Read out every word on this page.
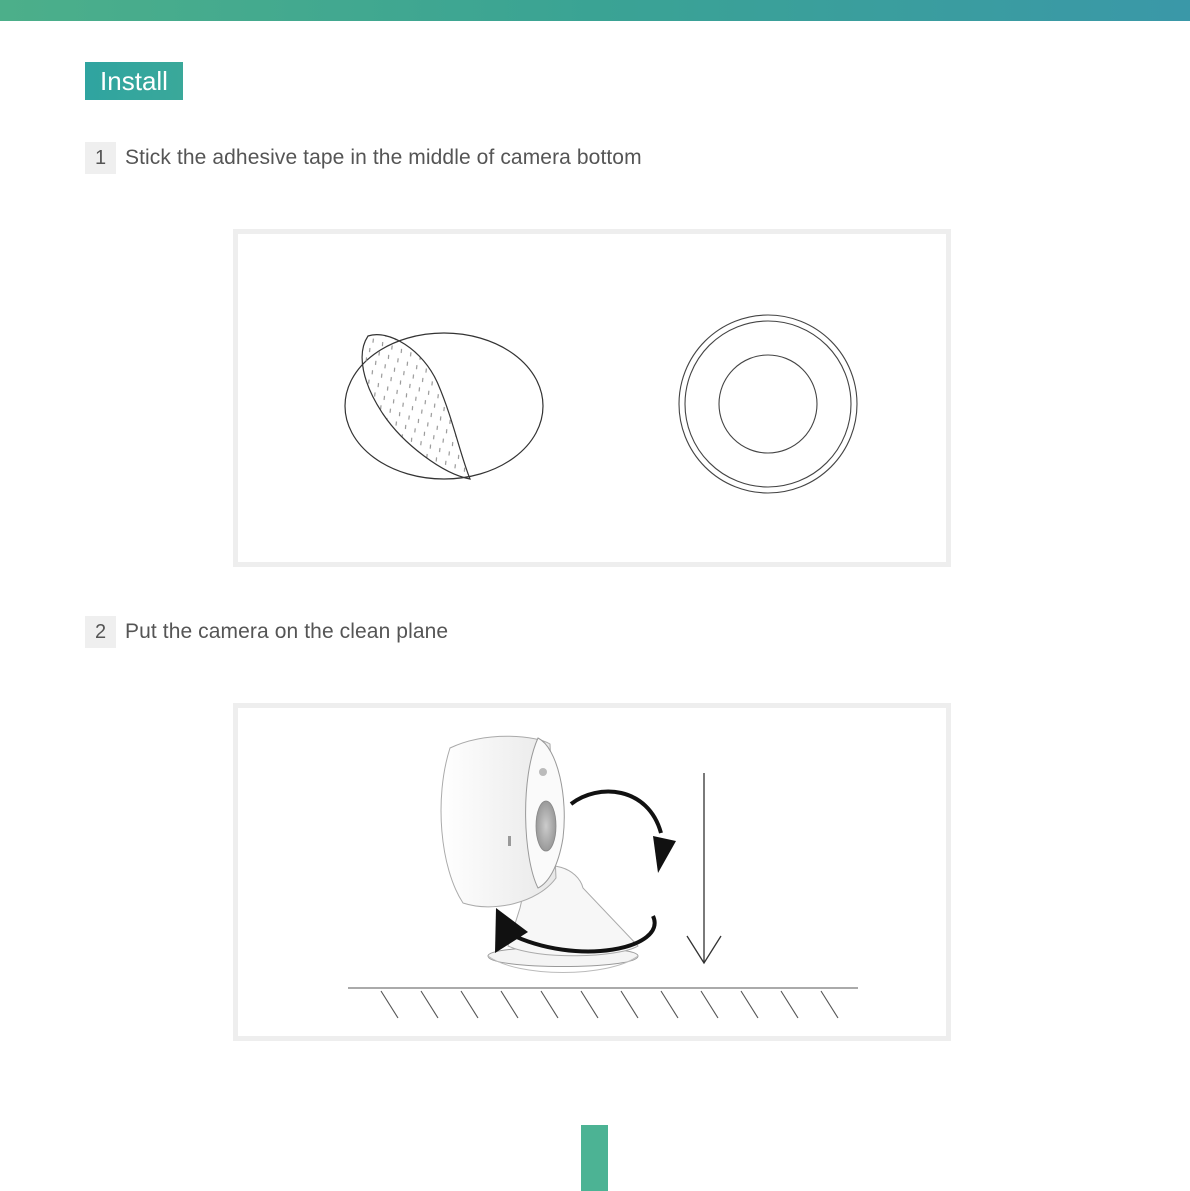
Install
1 Stick the adhesive tape in the middle of camera bottom
2 Put the camera on the clean plane
